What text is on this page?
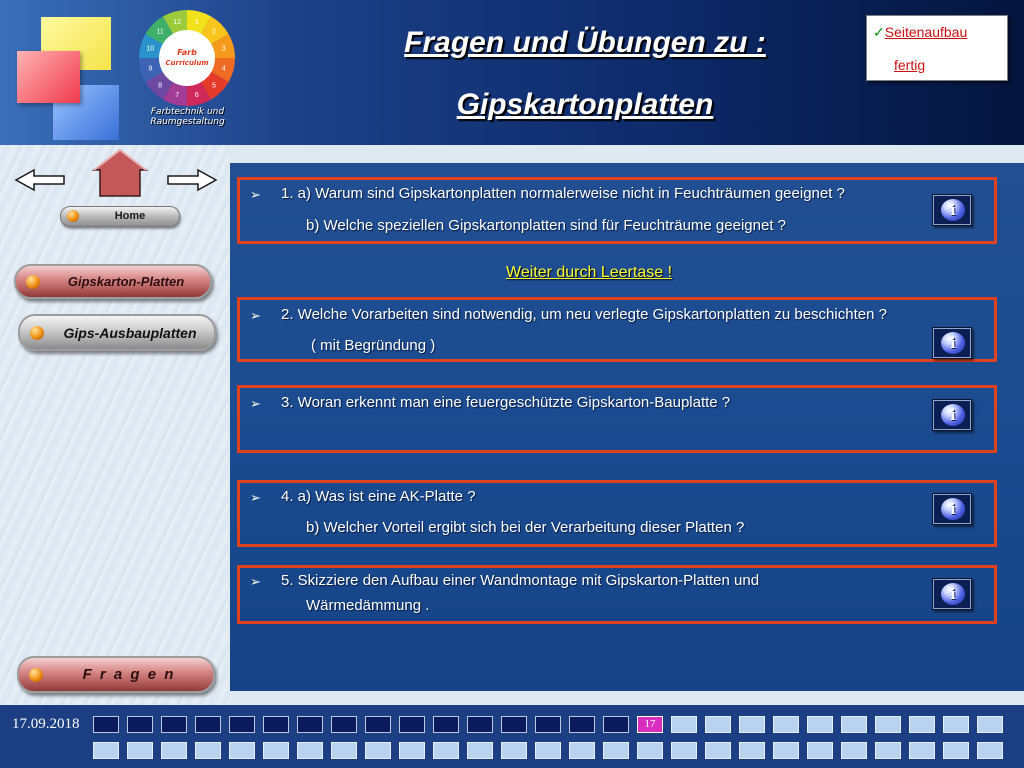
1
2
3
4
5
6
7
8
9
10
11
12
Farb
Curriculum
Farbtechnik und
Raumgestaltung
Fragen und Übungen zu :
Gipskartonplatten
✓Seitenaufbau
fertig
Home
Gipskarton-Platten
Gips-Ausbauplatten
F r a g e n
➢ 1. a) Warum sind Gipskartonplatten normalerweise nicht in Feuchträumen geeignet ?
b) Welche speziellen Gipskartonplatten sind für Feuchträume geeignet ?
i
Weiter durch Leertase !
➢ 2. Welche Vorarbeiten sind notwendig, um neu verlegte Gipskartonplatten zu beschichten ?
( mit Begründung )	i
➢ 3. Woran erkennt man eine feuergeschützte Gipskarton-Bauplatte ?
i
➢ 4. a) Was ist eine AK-Platte ?
b) Welcher Vorteil ergibt sich bei der Verarbeitung dieser Platten ?
i
➢ 5. Skizziere den Aufbau einer Wandmontage mit Gipskarton-Platten und
Wärmedämmung .
i
17.09.2018	17
